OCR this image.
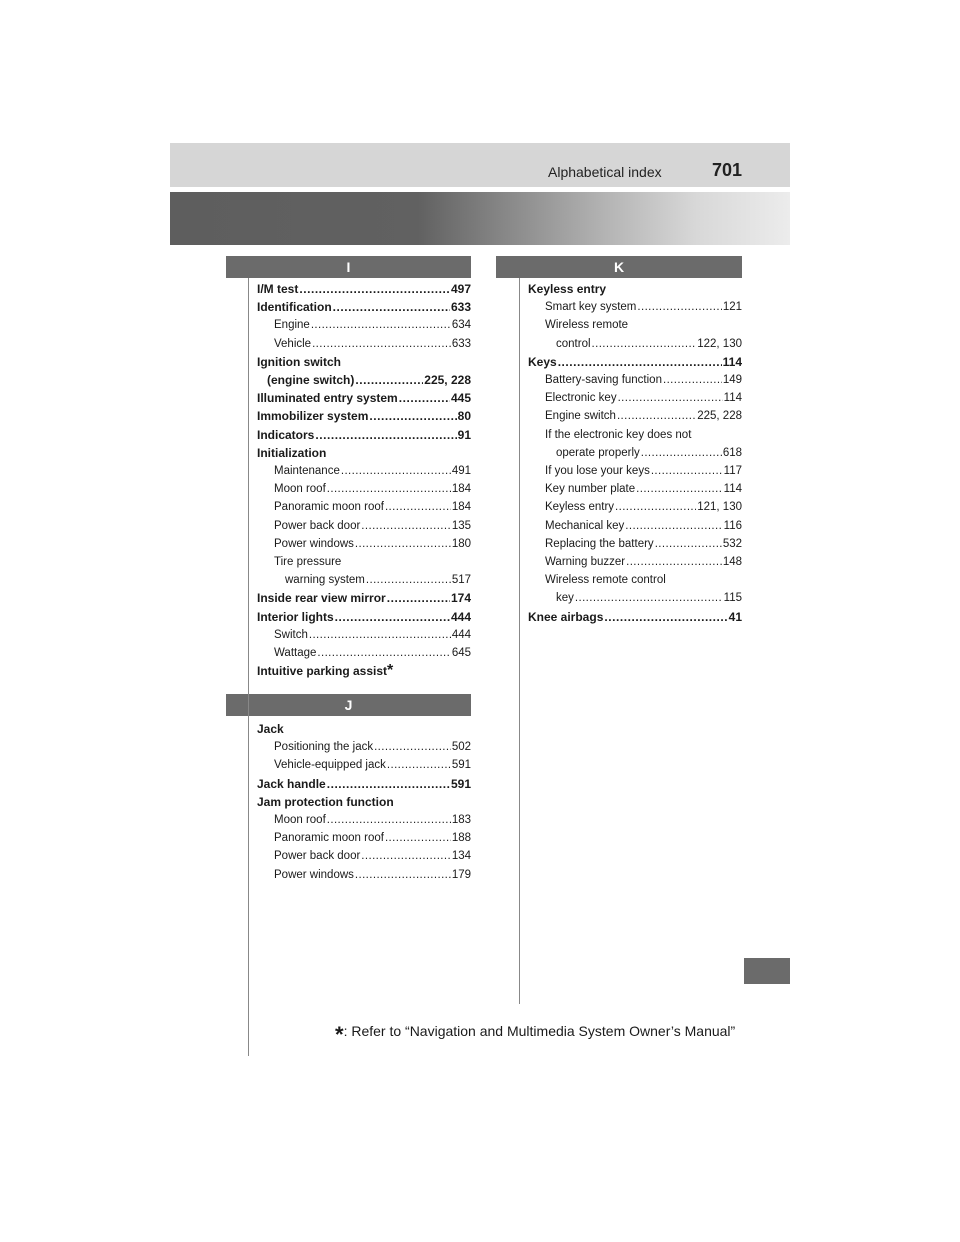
Alphabetical index	701
I
I/M test . . .	497
Identification . . .	633
Engine . . .	634
Vehicle . . .	633
Ignition switch
(engine switch) . . .	225, 228
Illuminated entry system . . .	445
Immobilizer system . . .	80
Indicators . . .	91
Initialization
Maintenance . . .	491
Moon roof . . .	184
Panoramic moon roof . . .	184
Power back door . . .	135
Power windows . . .	180
Tire pressure
warning system . . .	517
Inside rear view mirror . . .	174
Interior lights . . .	444
Switch . . .	444
Wattage . . .	645
Intuitive parking assist *
J
Jack
Positioning the jack . . .	502
Vehicle-equipped jack . . .	591
Jack handle . . .	591
Jam protection function
Moon roof . . .	183
Panoramic moon roof . . .	188
Power back door . . .	134
Power windows . . .	179
K
Keyless entry
Smart key system . . .	121
Wireless remote
control . . .	122, 130
Keys . . .	114
Battery-saving function . . .	149
Electronic key . . .	114
Engine switch . . .	225, 228
If the electronic key does not
operate properly . . .	618
If you lose your keys . . .	117
Key number plate . . .	114
Keyless entry . . .	121, 130
Mechanical key . . .	116
Replacing the battery . . .	532
Warning buzzer . . .	148
Wireless remote control
key . . .	115
Knee airbags . . .	41
*: Refer to “Navigation and Multimedia System Owner’s Manual”
